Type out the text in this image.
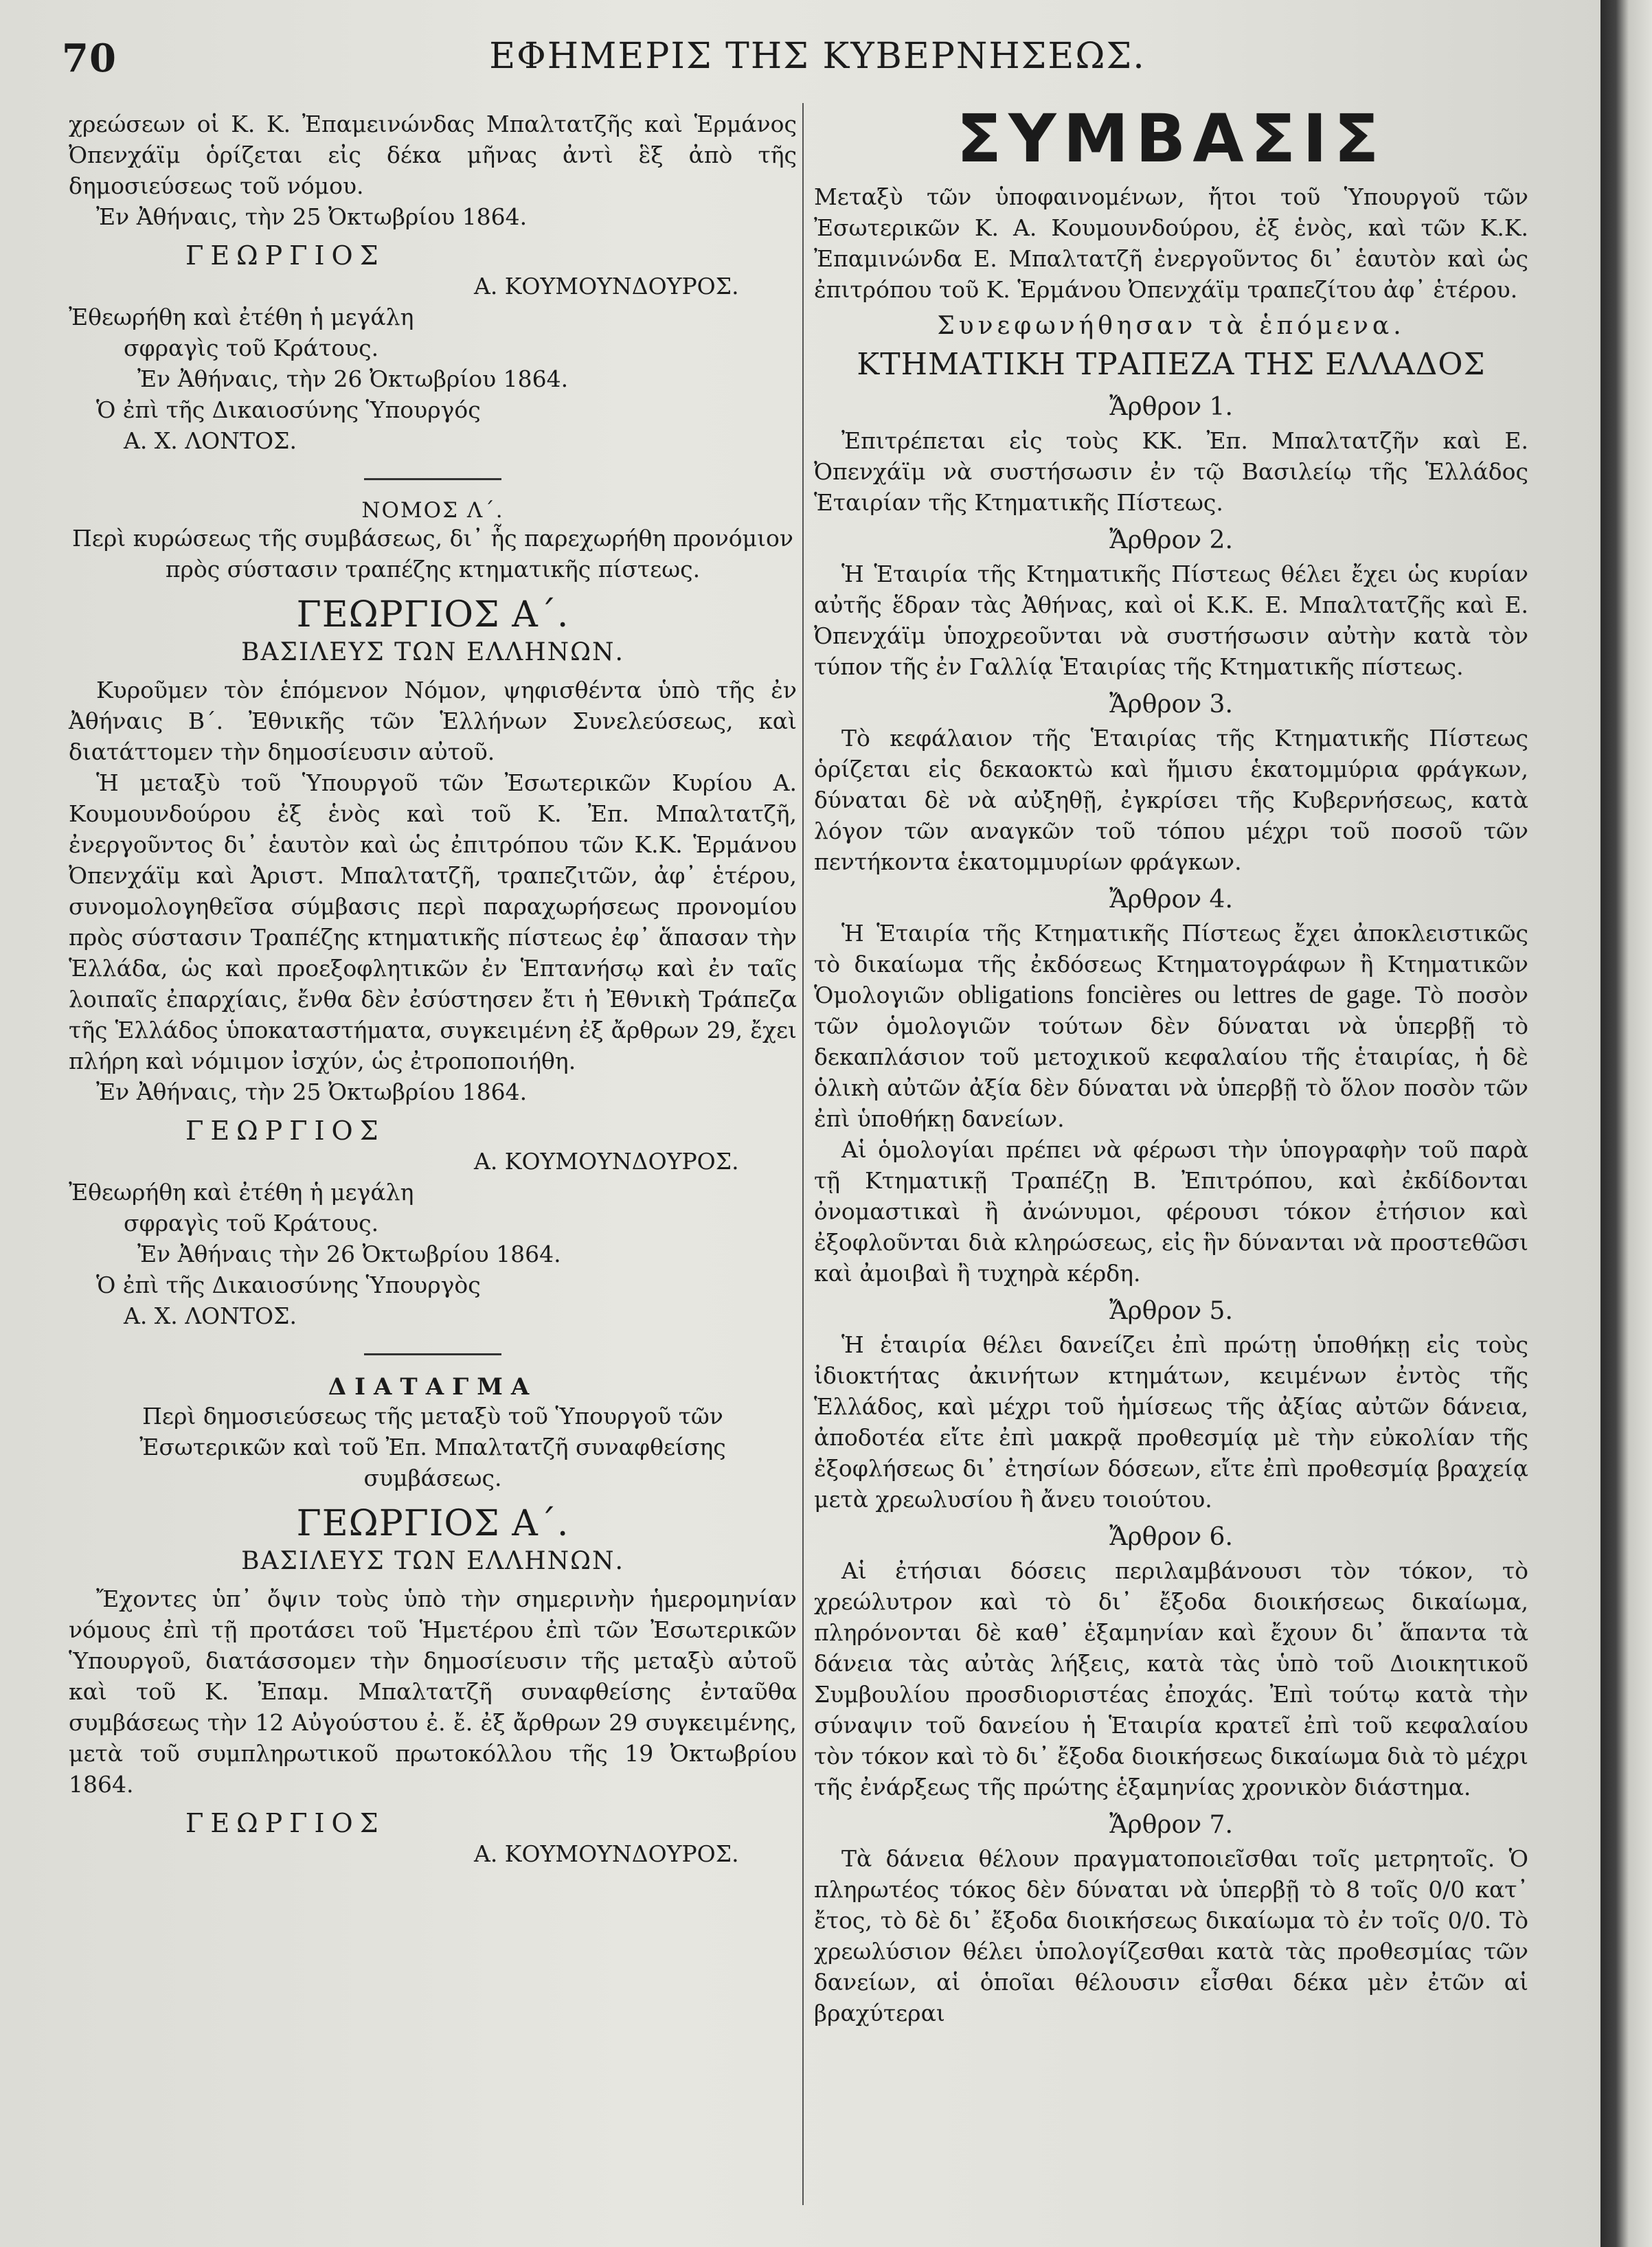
70	ΕΦΗΜΕΡΙΣ ΤΗΣ ΚΥΒΕΡΝΗΣΕΩΣ.

χρεώσεων οἱ Κ. Κ. Ἐπαμεινώνδας Μπαλτατζῆς καὶ Ἑρμάνος Ὀπενχάϊμ ὁρίζεται εἰς δέκα μῆνας ἀντὶ ἓξ ἀπὸ τῆς δημοσιεύσεως τοῦ νόμου.

Ἐν Ἀθήναις, τὴν 25 Ὀκτωβρίου 1864.

ΓΕΩΡΓΙΟΣ

Α. ΚΟΥΜΟΥΝΔΟΥΡΟΣ.

Ἐθεωρήθη καὶ ἐτέθη ἡ μεγάλη

σφραγὶς τοῦ Κράτους.

Ἐν Ἀθήναις, τὴν 26 Ὀκτωβρίου 1864.

Ὁ ἐπὶ τῆς Δικαιοσύνης Ὑπουργός

Α. Χ. ΛΟΝΤΟΣ.

ΝΟΜΟΣ Λ΄.

Περὶ κυρώσεως τῆς συμβάσεως, δι᾽ ἧς παρεχωρήθη προνόμιον πρὸς σύστασιν τραπέζης κτηματικῆς πίστεως.

ΓΕΩΡΓΙΟΣ Α΄.

ΒΑΣΙΛΕΥΣ ΤΩΝ ΕΛΛΗΝΩΝ.

Κυροῦμεν τὸν ἑπόμενον Νόμον, ψηφισθέντα ὑπὸ τῆς ἐν Ἀθήναις Β΄. Ἐθνικῆς τῶν Ἑλλήνων Συνελεύσεως, καὶ διατάττομεν τὴν δημοσίευσιν αὐτοῦ.

Ἡ μεταξὺ τοῦ Ὑπουργοῦ τῶν Ἐσωτερικῶν Κυρίου Α. Κουμουνδούρου ἐξ ἑνὸς καὶ τοῦ Κ. Ἐπ. Μπαλτατζῆ, ἐνεργοῦντος δι᾽ ἑαυτὸν καὶ ὡς ἐπιτρόπου τῶν Κ.Κ. Ἑρμάνου Ὀπενχάϊμ καὶ Ἀριστ. Μπαλτατζῆ, τραπεζιτῶν, ἀφ᾽ ἑτέρου, συνομολογηθεῖσα σύμβασις περὶ παραχωρήσεως προνομίου πρὸς σύστασιν Τραπέζης κτηματικῆς πίστεως ἐφ᾽ ἅπασαν τὴν Ἑλλάδα, ὡς καὶ προεξοφλητικῶν ἐν Ἑπτανήσῳ καὶ ἐν ταῖς λοιπαῖς ἐπαρχίαις, ἔνθα δὲν ἐσύστησεν ἔτι ἡ Ἐθνικὴ Τράπεζα τῆς Ἑλλάδος ὑποκαταστήματα, συγκειμένη ἐξ ἄρθρων 29, ἔχει πλήρη καὶ νόμιμον ἰσχύν, ὡς ἐτροποποιήθη.

Ἐν Ἀθήναις, τὴν 25 Ὀκτωβρίου 1864.

ΓΕΩΡΓΙΟΣ

Α. ΚΟΥΜΟΥΝΔΟΥΡΟΣ.

Ἐθεωρήθη καὶ ἐτέθη ἡ μεγάλη

σφραγὶς τοῦ Κράτους.

Ἐν Ἀθήναις τὴν 26 Ὀκτωβρίου 1864.

Ὁ ἐπὶ τῆς Δικαιοσύνης Ὑπουργὸς

Α. Χ. ΛΟΝΤΟΣ.

ΔΙΑΤΑΓΜΑ

Περὶ δημοσιεύσεως τῆς μεταξὺ τοῦ Ὑπουργοῦ τῶν Ἐσωτερικῶν καὶ τοῦ Ἐπ. Μπαλτατζῆ συναφθείσης συμβάσεως.

ΓΕΩΡΓΙΟΣ Α΄.

ΒΑΣΙΛΕΥΣ ΤΩΝ ΕΛΛΗΝΩΝ.

Ἔχοντες ὑπ᾽ ὄψιν τοὺς ὑπὸ τὴν σημερινὴν ἡμερομηνίαν νόμους ἐπὶ τῇ προτάσει τοῦ Ἡμετέρου ἐπὶ τῶν Ἐσωτερικῶν Ὑπουργοῦ, διατάσσομεν τὴν δημοσίευσιν τῆς μεταξὺ αὐτοῦ καὶ τοῦ Κ. Ἐπαμ. Μπαλτατζῆ συναφθείσης ἐνταῦθα συμβάσεως τὴν 12 Αὐγούστου ἐ. ἔ. ἐξ ἄρθρων 29 συγκειμένης, μετὰ τοῦ συμπληρωτικοῦ πρωτοκόλλου τῆς 19 Ὀκτωβρίου 1864.

ΓΕΩΡΓΙΟΣ

Α. ΚΟΥΜΟΥΝΔΟΥΡΟΣ.

ΣΥΜΒΑΣΙΣ

Μεταξὺ τῶν ὑποφαινομένων, ἤτοι τοῦ Ὑπουργοῦ τῶν Ἐσωτερικῶν Κ. Α. Κουμουνδούρου, ἐξ ἑνὸς, καὶ τῶν Κ.Κ. Ἐπαμινώνδα Ε. Μπαλτατζῆ ἐνεργοῦντος δι᾽ ἑαυτὸν καὶ ὡς ἐπιτρόπου τοῦ Κ. Ἑρμάνου Ὀπενχάϊμ τραπεζίτου ἀφ᾽ ἑτέρου.

Συνεφωνήθησαν τὰ ἑπόμενα.

ΚΤΗΜΑΤΙΚΗ ΤΡΑΠΕΖΑ ΤΗΣ ΕΛΛΑΔΟΣ

Ἄρθρον 1.

Ἐπιτρέπεται εἰς τοὺς ΚΚ. Ἐπ. Μπαλτατζῆν καὶ Ε. Ὀπενχάϊμ νὰ συστήσωσιν ἐν τῷ Βασιλείῳ τῆς Ἑλλάδος Ἑταιρίαν τῆς Κτηματικῆς Πίστεως.

Ἄρθρον 2.

Ἡ Ἑταιρία τῆς Κτηματικῆς Πίστεως θέλει ἔχει ὡς κυρίαν αὐτῆς ἕδραν τὰς Ἀθήνας, καὶ οἱ Κ.Κ. Ε. Μπαλτατζῆς καὶ Ε. Ὀπενχάϊμ ὑποχρεοῦνται νὰ συστήσωσιν αὐτὴν κατὰ τὸν τύπον τῆς ἐν Γαλλίᾳ Ἑταιρίας τῆς Κτηματικῆς πίστεως.

Ἄρθρον 3.

Τὸ κεφάλαιον τῆς Ἑταιρίας τῆς Κτηματικῆς Πίστεως ὁρίζεται εἰς δεκαοκτὼ καὶ ἥμισυ ἑκατομμύρια φράγκων, δύναται δὲ νὰ αὐξηθῇ, ἐγκρίσει τῆς Κυβερνήσεως, κατὰ λόγον τῶν αναγκῶν τοῦ τόπου μέχρι τοῦ ποσοῦ τῶν πεντήκοντα ἑκατομμυρίων φράγκων.

Ἄρθρον 4.

Ἡ Ἑταιρία τῆς Κτηματικῆς Πίστεως ἔχει ἀποκλειστικῶς τὸ δικαίωμα τῆς ἐκδόσεως Κτηματογράφων ἢ Κτηματικῶν Ὁμολογιῶν obligations foncières ou lettres de gage. Τὸ ποσὸν τῶν ὁμολογιῶν τούτων δὲν δύναται νὰ ὑπερβῇ τὸ δεκαπλάσιον τοῦ μετοχικοῦ κεφαλαίου τῆς ἑταιρίας, ἡ δὲ ὁλικὴ αὐτῶν ἀξία δὲν δύναται νὰ ὑπερβῇ τὸ ὅλον ποσὸν τῶν ἐπὶ ὑποθήκῃ δανείων.

Αἱ ὁμολογίαι πρέπει νὰ φέρωσι τὴν ὑπογραφὴν τοῦ παρὰ τῇ Κτηματικῇ Τραπέζῃ Β. Ἐπιτρόπου, καὶ ἐκδίδονται ὀνομαστικαὶ ἢ ἀνώνυμοι, φέρουσι τόκον ἐτήσιον καὶ ἐξοφλοῦνται διὰ κληρώσεως, εἰς ἣν δύνανται νὰ προστεθῶσι καὶ ἀμοιβαὶ ἢ τυχηρὰ κέρδη.

Ἄρθρον 5.

Ἡ ἑταιρία θέλει δανείζει ἐπὶ πρώτῃ ὑποθήκῃ εἰς τοὺς ἰδιοκτήτας ἀκινήτων κτημάτων, κειμένων ἐντὸς τῆς Ἑλλάδος, καὶ μέχρι τοῦ ἡμίσεως τῆς ἀξίας αὐτῶν δάνεια, ἀποδοτέα εἴτε ἐπὶ μακρᾷ προθεσμίᾳ μὲ τὴν εὐκολίαν τῆς ἐξοφλήσεως δι᾽ ἐτησίων δόσεων, εἴτε ἐπὶ προθεσμίᾳ βραχείᾳ μετὰ χρεωλυσίου ἢ ἄνευ τοιούτου.

Ἄρθρον 6.

Αἱ ἐτήσιαι δόσεις περιλαμβάνουσι τὸν τόκον, τὸ χρεώλυτρον καὶ τὸ δι᾽ ἔξοδα διοικήσεως δικαίωμα, πληρόνονται δὲ καθ᾽ ἑξαμηνίαν καὶ ἔχουν δι᾽ ἅπαντα τὰ δάνεια τὰς αὐτὰς λήξεις, κατὰ τὰς ὑπὸ τοῦ Διοικητικοῦ Συμβουλίου προσδιοριστέας ἐποχάς. Ἐπὶ τούτῳ κατὰ τὴν σύναψιν τοῦ δανείου ἡ Ἑταιρία κρατεῖ ἐπὶ τοῦ κεφαλαίου τὸν τόκον καὶ τὸ δι᾽ ἔξοδα διοικήσεως δικαίωμα διὰ τὸ μέχρι τῆς ἐνάρξεως τῆς πρώτης ἑξαμηνίας χρονικὸν διάστημα.

Ἄρθρον 7.

Τὰ δάνεια θέλουν πραγματοποιεῖσθαι τοῖς μετρητοῖς. Ὁ πληρωτέος τόκος δὲν δύναται νὰ ὑπερβῇ τὸ 8 τοῖς 0/0 κατ᾽ ἔτος, τὸ δὲ δι᾽ ἔξοδα διοικήσεως δικαίωμα τὸ ἐν τοῖς 0/0. Τὸ χρεωλύσιον θέλει ὑπολογίζεσθαι κατὰ τὰς προθεσμίας τῶν δανείων, αἱ ὁποῖαι θέλουσιν εἶσθαι δέκα μὲν ἐτῶν αἱ βραχύτεραι
